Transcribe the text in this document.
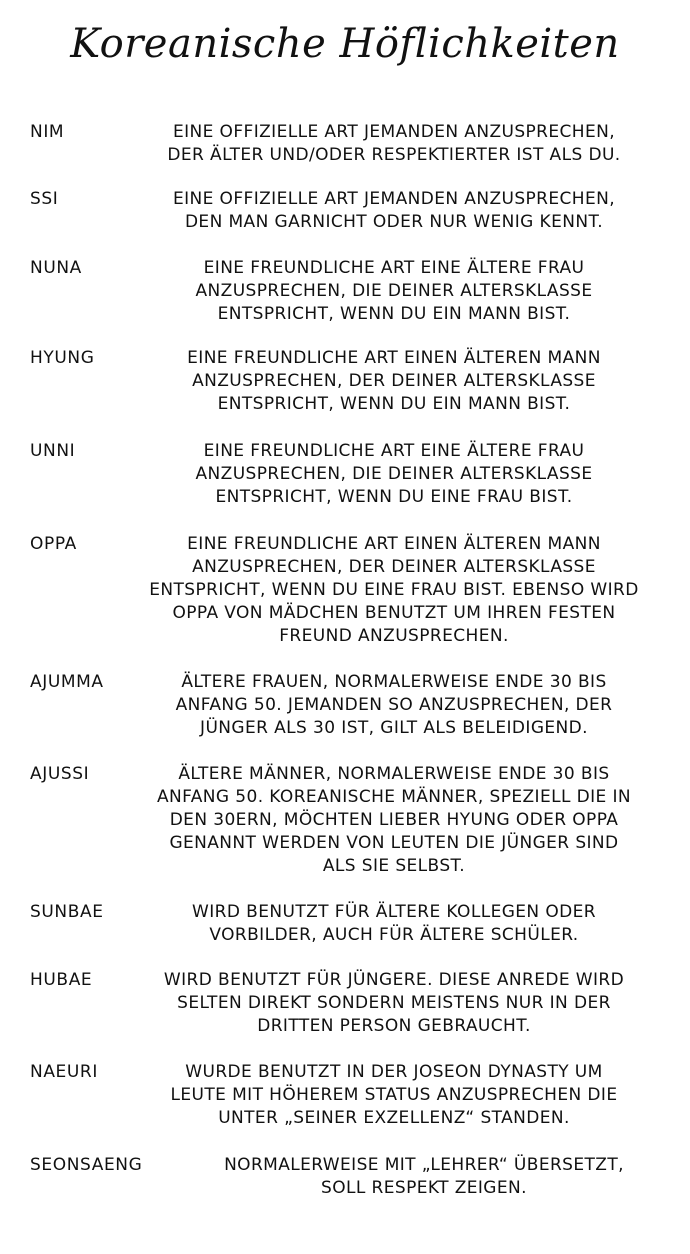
Koreanische Höflichkeiten
NIM	EINE OFFIZIELLE ART JEMANDEN ANZUSPRECHEN,
DER ÄLTER UND/ODER RESPEKTIERTER IST ALS DU.
SSI	EINE OFFIZIELLE ART JEMANDEN ANZUSPRECHEN,
DEN MAN GARNICHT ODER NUR WENIG KENNT.
NUNA	EINE FREUNDLICHE ART EINE ÄLTERE FRAU
ANZUSPRECHEN, DIE DEINER ALTERSKLASSE
ENTSPRICHT, WENN DU EIN MANN BIST.
HYUNG	EINE FREUNDLICHE ART EINEN ÄLTEREN MANN
ANZUSPRECHEN, DER DEINER ALTERSKLASSE
ENTSPRICHT, WENN DU EIN MANN BIST.
UNNI	EINE FREUNDLICHE ART EINE ÄLTERE FRAU
ANZUSPRECHEN, DIE DEINER ALTERSKLASSE
ENTSPRICHT, WENN DU EINE FRAU BIST.
OPPA	EINE FREUNDLICHE ART EINEN ÄLTEREN MANN
ANZUSPRECHEN, DER DEINER ALTERSKLASSE
ENTSPRICHT, WENN DU EINE FRAU BIST. EBENSO WIRD
OPPA VON MÄDCHEN BENUTZT UM IHREN FESTEN
FREUND ANZUSPRECHEN.
AJUMMA	ÄLTERE FRAUEN, NORMALERWEISE ENDE 30 BIS
ANFANG 50. JEMANDEN SO ANZUSPRECHEN, DER
JÜNGER ALS 30 IST, GILT ALS BELEIDIGEND.
AJUSSI	ÄLTERE MÄNNER, NORMALERWEISE ENDE 30 BIS
ANFANG 50. KOREANISCHE MÄNNER, SPEZIELL DIE IN
DEN 30ERN, MÖCHTEN LIEBER HYUNG ODER OPPA
GENANNT WERDEN VON LEUTEN DIE JÜNGER SIND
ALS SIE SELBST.
SUNBAE	WIRD BENUTZT FÜR ÄLTERE KOLLEGEN ODER
VORBILDER, AUCH FÜR ÄLTERE SCHÜLER.
HUBAE	WIRD BENUTZT FÜR JÜNGERE. DIESE ANREDE WIRD
SELTEN DIREKT SONDERN MEISTENS NUR IN DER
DRITTEN PERSON GEBRAUCHT.
NAEURI	WURDE BENUTZT IN DER JOSEON DYNASTY UM
LEUTE MIT HÖHEREM STATUS ANZUSPRECHEN DIE
UNTER „SEINER EXZELLENZ“ STANDEN.
SEONSAENG	NORMALERWEISE MIT „LEHRER“ ÜBERSETZT,
SOLL RESPEKT ZEIGEN.
